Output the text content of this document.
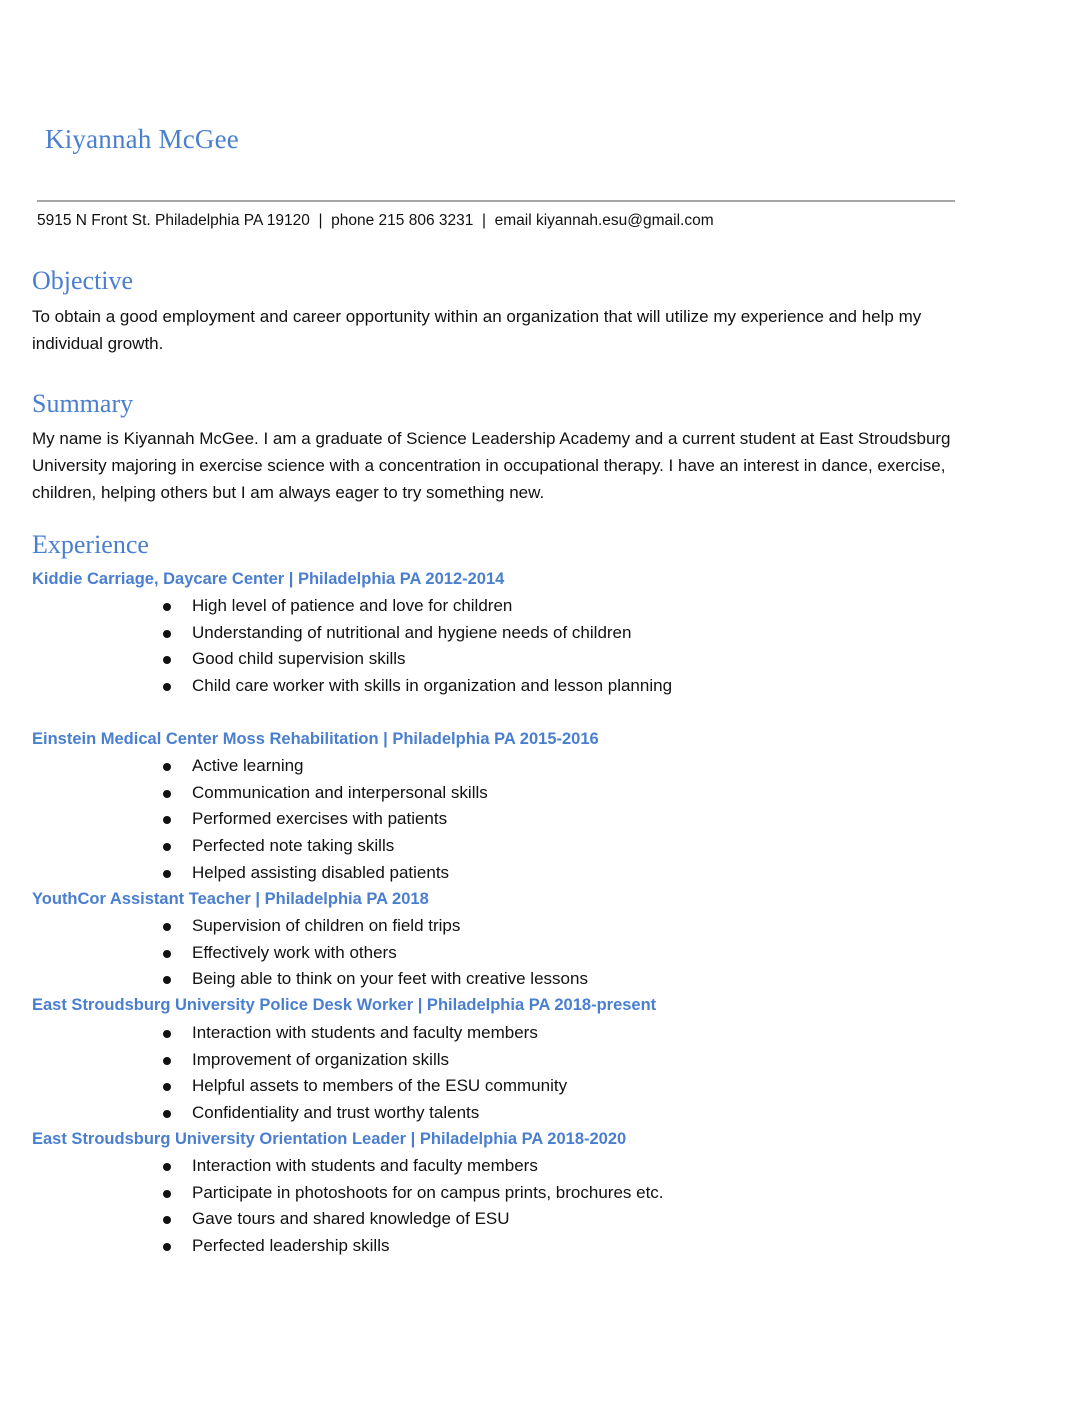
Kiyannah McGee
5915 N Front St. Philadelphia PA 19120  |  phone 215 806 3231  |  email kiyannah.esu@gmail.com
Objective
To obtain a good employment and career opportunity within an organization that will utilize my experience and help my individual growth.
Summary
My name is Kiyannah McGee. I am a graduate of Science Leadership Academy and a current student at East Stroudsburg University majoring in exercise science with a concentration in occupational therapy. I have an interest in dance, exercise, children, helping others but I am always eager to try something new.
Experience
Kiddie Carriage, Daycare Center | Philadelphia PA 2012-2014
High level of patience and love for children
Understanding of nutritional and hygiene needs of children
Good child supervision skills
Child care worker with skills in organization and lesson planning
Einstein Medical Center Moss Rehabilitation | Philadelphia PA 2015-2016
Active learning
Communication and interpersonal skills
Performed exercises with patients
Perfected note taking skills
Helped assisting disabled patients
YouthCor Assistant Teacher | Philadelphia PA 2018
Supervision of children on field trips
Effectively work with others
Being able to think on your feet with creative lessons
East Stroudsburg University Police Desk Worker | Philadelphia PA 2018-present
Interaction with students and faculty members
Improvement of organization skills
Helpful assets to members of the ESU community
Confidentiality and trust worthy talents
East Stroudsburg University Orientation Leader | Philadelphia PA 2018-2020
Interaction with students and faculty members
Participate in photoshoots for on campus prints, brochures etc.
Gave tours and shared knowledge of ESU
Perfected leadership skills
